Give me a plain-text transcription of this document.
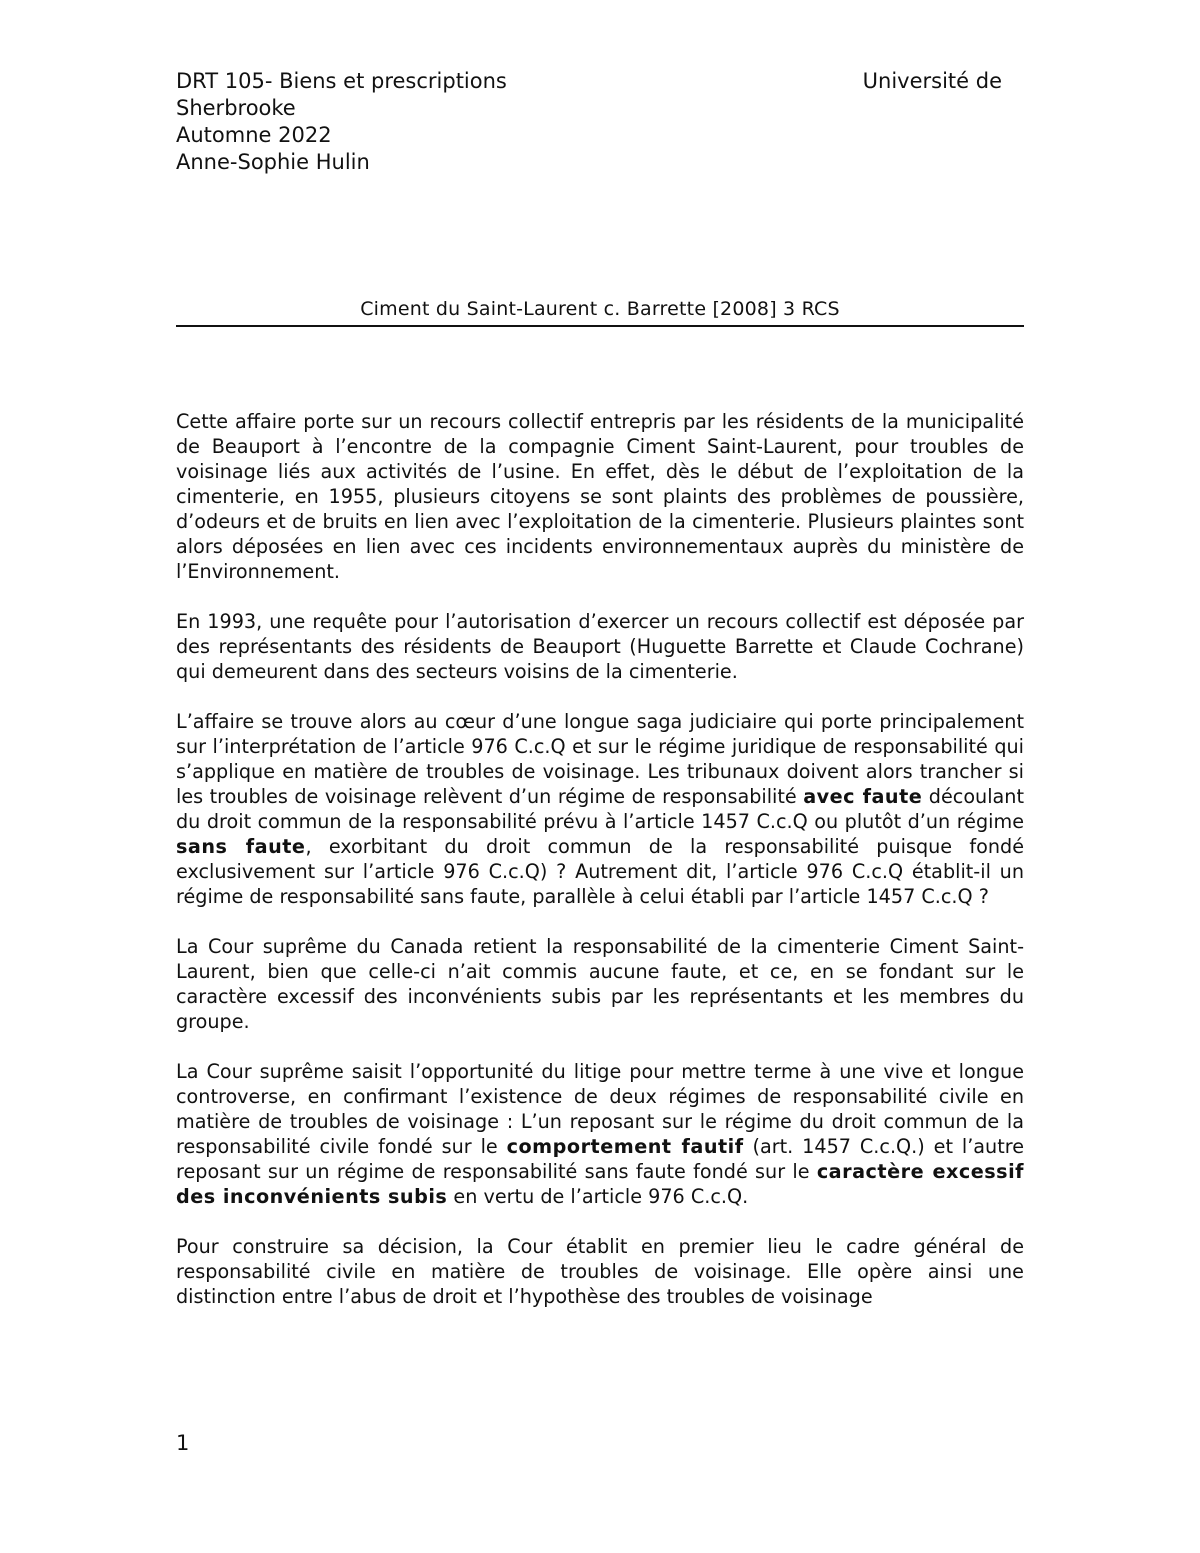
DRT 105- Biens et prescriptions	Université de
Sherbrooke
Automne 2022
Anne-Sophie Hulin
Ciment du Saint-Laurent c. Barrette [2008] 3 RCS

Cette affaire porte sur un recours collectif entrepris par les résidents de la municipalité de Beauport à l’encontre de la compagnie Ciment Saint-Laurent, pour troubles de voisinage liés aux activités de l’usine. En effet, dès le début de l’exploitation de la cimenterie, en 1955, plusieurs citoyens se sont plaints des problèmes de poussière, d’odeurs et de bruits en lien avec l’exploitation de la cimenterie. Plusieurs plaintes sont alors déposées en lien avec ces incidents environnementaux auprès du ministère de l’Environnement.

En 1993, une requête pour l’autorisation d’exercer un recours collectif est déposée par des représentants des résidents de Beauport (Huguette Barrette et Claude Cochrane) qui demeurent dans des secteurs voisins de la cimenterie.

L’affaire se trouve alors au cœur d’une longue saga judiciaire qui porte principalement sur l’interprétation de l’article 976 C.c.Q et sur le régime juridique de responsabilité qui s’applique en matière de troubles de voisinage. Les tribunaux doivent alors trancher si les troubles de voisinage relèvent d’un régime de responsabilité avec faute découlant du droit commun de la responsabilité prévu à l’article 1457 C.c.Q ou plutôt d’un régime sans faute, exorbitant du droit commun de la responsabilité puisque fondé exclusivement sur l’article 976 C.c.Q) ? Autrement dit, l’article 976 C.c.Q établit-il un régime de responsabilité sans faute, parallèle à celui établi par l’article 1457 C.c.Q ?

La Cour suprême du Canada retient la responsabilité de la cimenterie Ciment Saint-Laurent, bien que celle-ci n’ait commis aucune faute, et ce, en se fondant sur le caractère excessif des inconvénients subis par les représentants et les membres du groupe.

La Cour suprême saisit l’opportunité du litige pour mettre terme à une vive et longue controverse, en confirmant l’existence de deux régimes de responsabilité civile en matière de troubles de voisinage : L’un reposant sur le régime du droit commun de la responsabilité civile fondé sur le comportement fautif (art. 1457 C.c.Q.) et l’autre reposant sur un régime de responsabilité sans faute fondé sur le caractère excessif des inconvénients subis en vertu de l’article 976 C.c.Q.

Pour construire sa décision, la Cour établit en premier lieu le cadre général de responsabilité civile en matière de troubles de voisinage. Elle opère ainsi une distinction entre l’abus de droit et l’hypothèse des troubles de voisinage

1
